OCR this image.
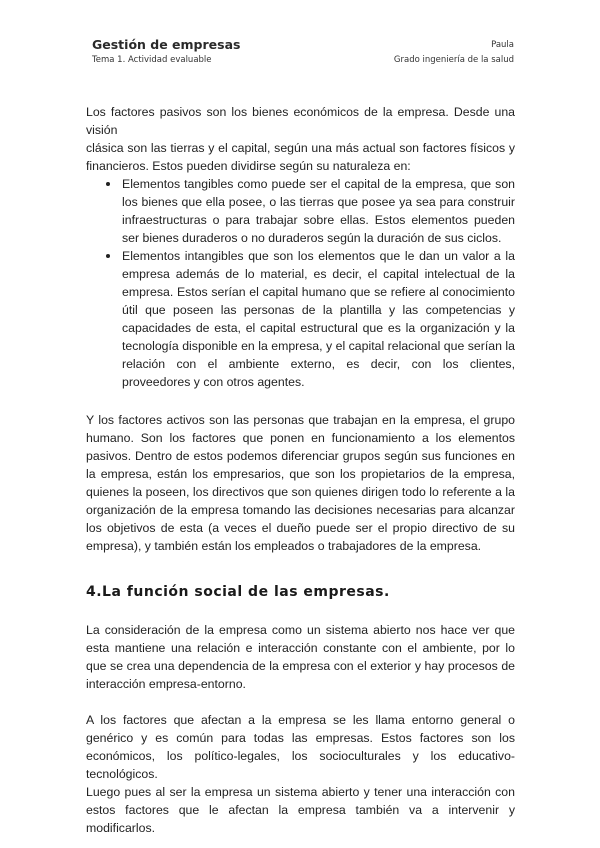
Gestión de empresas
Tema 1. Actividad evaluable
Paula
Grado ingeniería de la salud

Los factores pasivos son los bienes económicos de la empresa. Desde una visión
clásica son las tierras y el capital, según una más actual son factores físicos y financieros. Estos pueden dividirse según su naturaleza en:

Elementos tangibles como puede ser el capital de la empresa, que son los bienes que ella posee, o las tierras que posee ya sea para construir infraestructuras o para trabajar sobre ellas. Estos elementos pueden ser bienes duraderos o no duraderos según la duración de sus ciclos.
Elementos intangibles que son los elementos que le dan un valor a la empresa además de lo material, es decir, el capital intelectual de la empresa. Estos serían el capital humano que se refiere al conocimiento útil que poseen las personas de la plantilla y las competencias y capacidades de esta, el capital estructural que es la organización y la tecnología disponible en la empresa, y el capital relacional que serían la relación con el ambiente externo, es decir, con los clientes, proveedores y con otros agentes.

Y los factores activos son las personas que trabajan en la empresa, el grupo humano. Son los factores que ponen en funcionamiento a los elementos pasivos. Dentro de estos podemos diferenciar grupos según sus funciones en la empresa, están los empresarios, que son los propietarios de la empresa, quienes la poseen, los directivos que son quienes dirigen todo lo referente a la organización de la empresa tomando las decisiones necesarias para alcanzar los objetivos de esta (a veces el dueño puede ser el propio directivo de su empresa), y también están los empleados o trabajadores de la empresa.

4.La función social de las empresas.

La consideración de la empresa como un sistema abierto nos hace ver que esta mantiene una relación e interacción constante con el ambiente, por lo que se crea una dependencia de la empresa con el exterior y hay procesos de interacción empresa-entorno.

A los factores que afectan a la empresa se les llama entorno general o genérico y es común para todas las empresas. Estos factores son los económicos, los político-legales, los socioculturales y los educativo-tecnológicos.

Luego pues al ser la empresa un sistema abierto y tener una interacción con estos factores que le afectan la empresa también va a intervenir y modificarlos.
